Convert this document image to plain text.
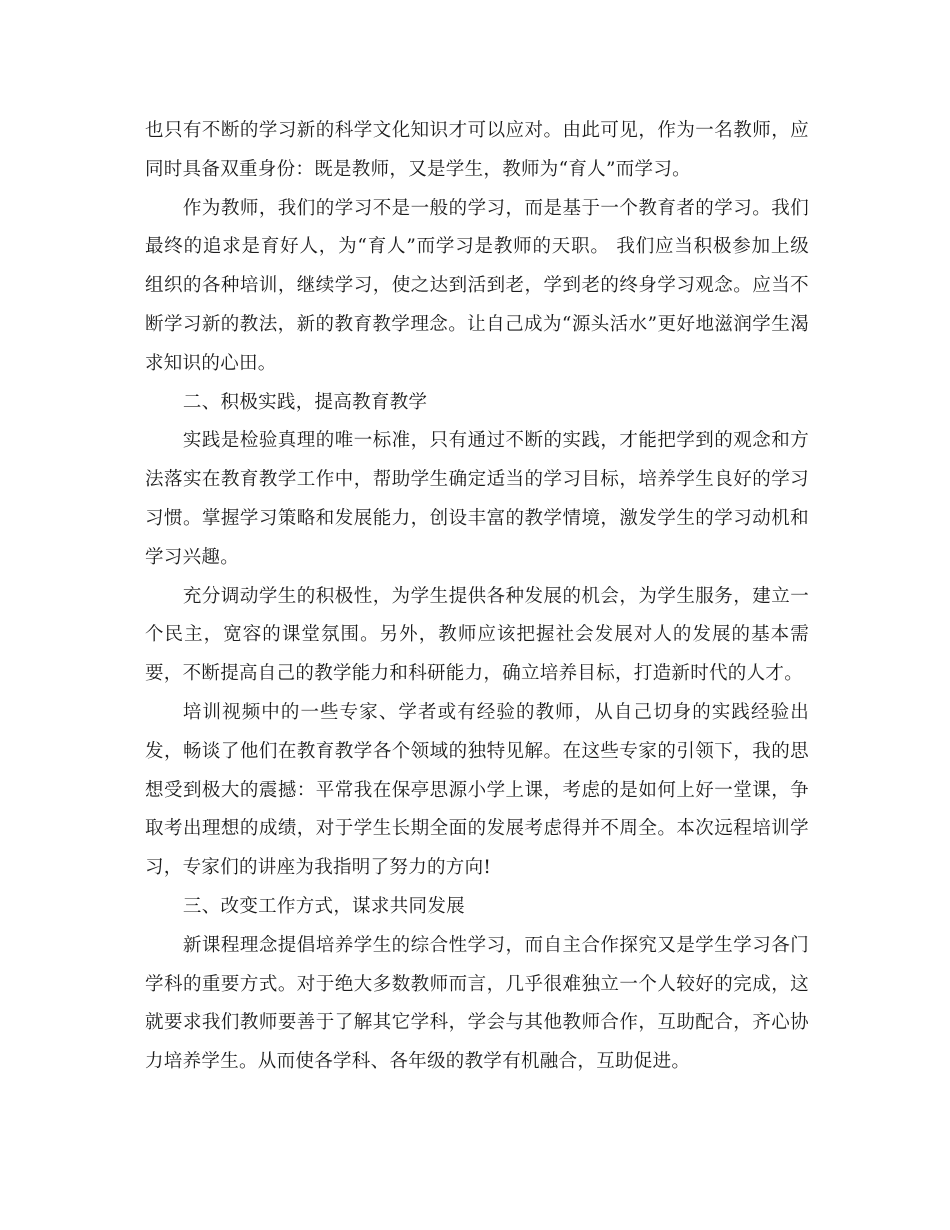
也只有不断的学习新的科学文化知识才可以应对。由此可见，作为一名教师，应同时具备双重身份：既是教师，又是学生，教师为“育人”而学习。

作为教师，我们的学习不是一般的学习，而是基于一个教育者的学习。我们最终的追求是育好人，为“育人”而学习是教师的天职。 我们应当积极参加上级组织的各种培训，继续学习，使之达到活到老，学到老的终身学习观念。应当不断学习新的教法，新的教育教学理念。让自己成为“源头活水”更好地滋润学生渴求知识的心田。

二、积极实践，提高教育教学

实践是检验真理的唯一标准，只有通过不断的实践，才能把学到的观念和方法落实在教育教学工作中，帮助学生确定适当的学习目标，培养学生良好的学习习惯。掌握学习策略和发展能力，创设丰富的教学情境，激发学生的学习动机和学习兴趣。

充分调动学生的积极性，为学生提供各种发展的机会，为学生服务，建立一个民主，宽容的课堂氛围。另外，教师应该把握社会发展对人的发展的基本需要，不断提高自己的教学能力和科研能力，确立培养目标，打造新时代的人才。

培训视频中的一些专家、学者或有经验的教师，从自己切身的实践经验出发，畅谈了他们在教育教学各个领域的独特见解。在这些专家的引领下，我的思想受到极大的震撼：平常我在保亭思源小学上课，考虑的是如何上好一堂课，争取考出理想的成绩，对于学生长期全面的发展考虑得并不周全。本次远程培训学习，专家们的讲座为我指明了努力的方向!

三、改变工作方式，谋求共同发展

新课程理念提倡培养学生的综合性学习，而自主合作探究又是学生学习各门学科的重要方式。对于绝大多数教师而言，几乎很难独立一个人较好的完成，这就要求我们教师要善于了解其它学科，学会与其他教师合作，互助配合，齐心协力培养学生。从而使各学科、各年级的教学有机融合，互助促进。
